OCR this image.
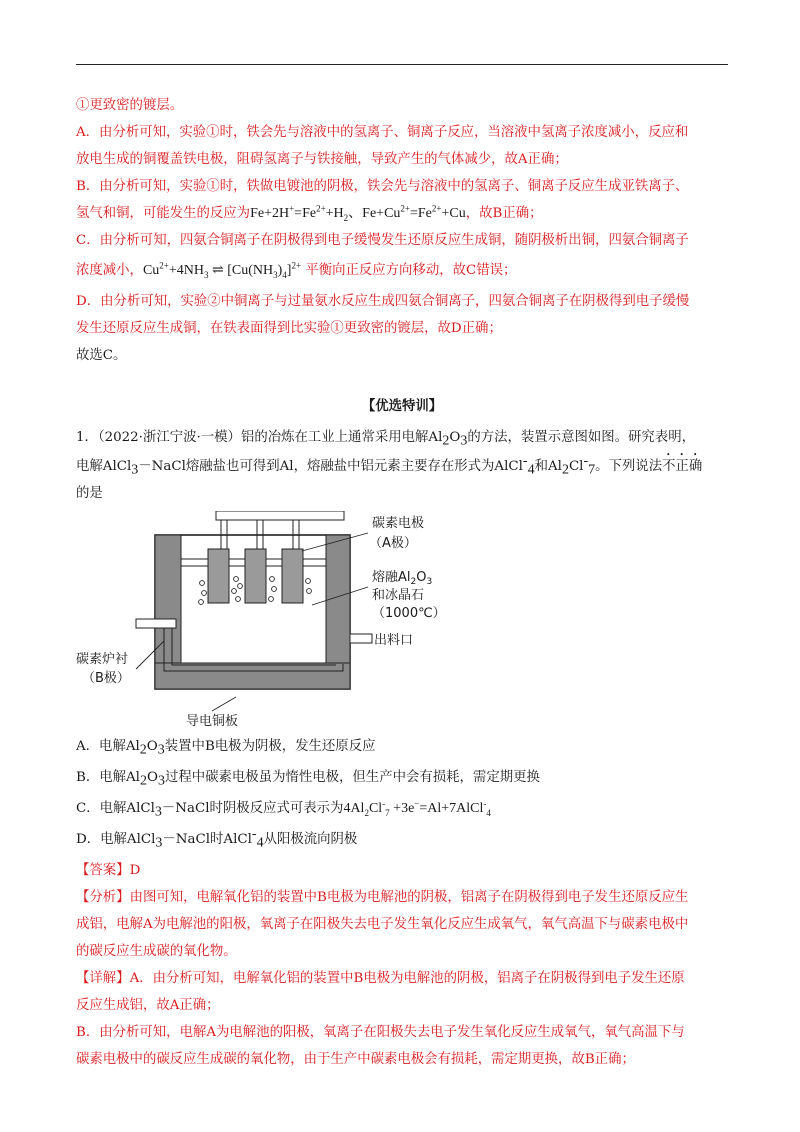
①更致密的镀层。

A．由分析可知，实验①时，铁会先与溶液中的氢离子、铜离子反应，当溶液中氢离子浓度减小，反应和

放电生成的铜覆盖铁电极，阻碍氢离子与铁接触，导致产生的气体减少，故A正确；

B．由分析可知，实验①时，铁做电镀池的阴极，铁会先与溶液中的氢离子、铜离子反应生成亚铁离子、

氢气和铜，可能发生的反应为$Fe+2H^+=Fe^{2+}+H_2$、$Fe+Cu^{2+}=Fe^{2+}+Cu$，故B正确；

C．由分析可知，四氨合铜离子在阴极得到电子缓慢发生还原反应生成铜，随阴极析出铜，四氨合铜离子

浓度减小，$Cu^{2+}+4NH_3$ ⇌ $[Cu(NH_3)_4]^{2+}$ 平衡向正反应方向移动，故C错误；

D．由分析可知，实验②中铜离子与过量氨水反应生成四氨合铜离子，四氨合铜离子在阴极得到电子缓慢

发生还原反应生成铜，在铁表面得到比实验①更致密的镀层，故D正确；

故选C。

【优选特训】

1．（2022·浙江宁波·一模）铝的冶炼在工业上通常采用电解$Al_2O_3$的方法，装置示意图如图。研究表明，

电解AlCl$_3$－NaCl熔融盐也可得到Al，熔融盐中铝元素主要存在形式为AlCl-$_4$和$Al_2Cl^-_7$。下列说法不正确

的是

碳素电极
（A极）
熔融$Al_2O_3$
和冰晶石
（1000℃）
出料口
碳素炉衬
（B极）
导电铜板

A．电解$Al_2O_3$装置中B电极为阴极，发生还原反应

B．电解$Al_2O_3$过程中碳素电极虽为惰性电极，但生产中会有损耗，需定期更换

C．电解AlCl$_3$－NaCl时阴极反应式可表示为$4Al_2Cl^-_7$ +3e−=Al+7AlCl-$_4$

D．电解AlCl$_3$－NaCl时AlCl-$_4$从阳极流向阴极

【答案】D

【分析】由图可知，电解氧化铝的装置中B电极为电解池的阴极，铝离子在阴极得到电子发生还原反应生

成铝，电解A为电解池的阳极，氧离子在阳极失去电子发生氧化反应生成氧气，氧气高温下与碳素电极中

的碳反应生成碳的氧化物。

【详解】A．由分析可知，电解氧化铝的装置中B电极为电解池的阴极，铝离子在阴极得到电子发生还原

反应生成铝，故A正确；

B．由分析可知，电解A为电解池的阳极，氧离子在阳极失去电子发生氧化反应生成氧气，氧气高温下与

碳素电极中的碳反应生成碳的氧化物，由于生产中碳素电极会有损耗，需定期更换，故B正确；
